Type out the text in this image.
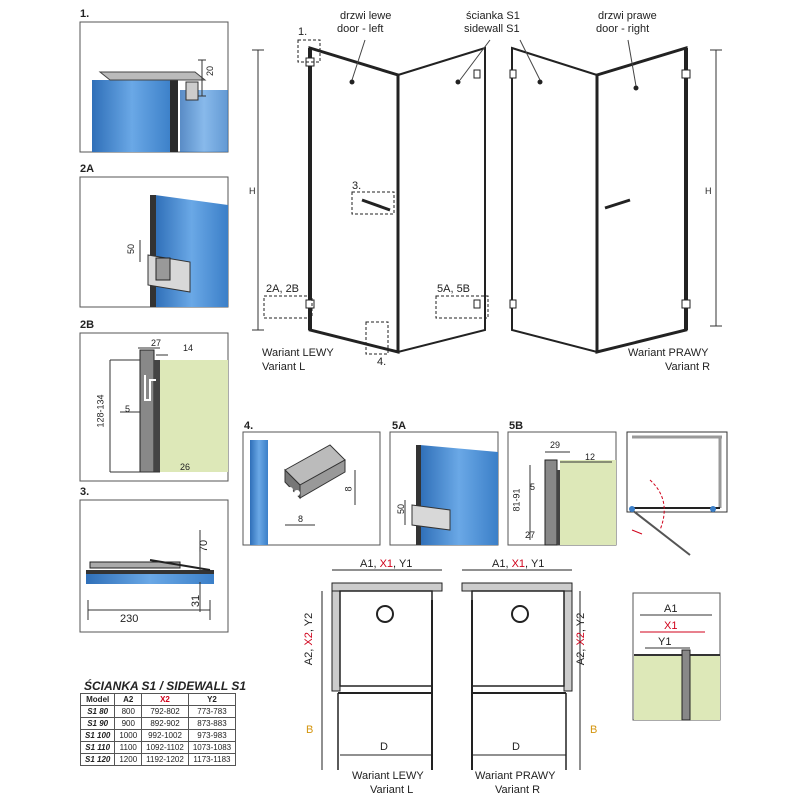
1.
2A
2B
3.
4.	5A	5B
1.
3.
2A, 2B	5A, 5B
4.
drzwi lewe
door - left
ścianka S1
sidewall S1
drzwi prawe
door - right
H	H
Wariant LEWY
Variant L
Wariant PRAWY
Variant R
20
50
27 14
128-134 5
26
70
31
230
8
8
50
29
12
5
81-91
27
A1, X1, Y1	A1, X1, Y1
A2, X2, Y2
A2, X2, Y2
B	B
D	D
Wariant LEWY
Variant L
Wariant PRAWY
Variant R
A1
X1
Y1
ŚCIANKA S1 / SIDEWALL S1
Model	A2	X2	Y2
S1 80	800	792-802	773-783
S1 90	900	892-902	873-883
S1 100	1000	992-1002	973-983
S1 110	1100	1092-1102	1073-1083
S1 120	1200	1192-1202	1173-1183
